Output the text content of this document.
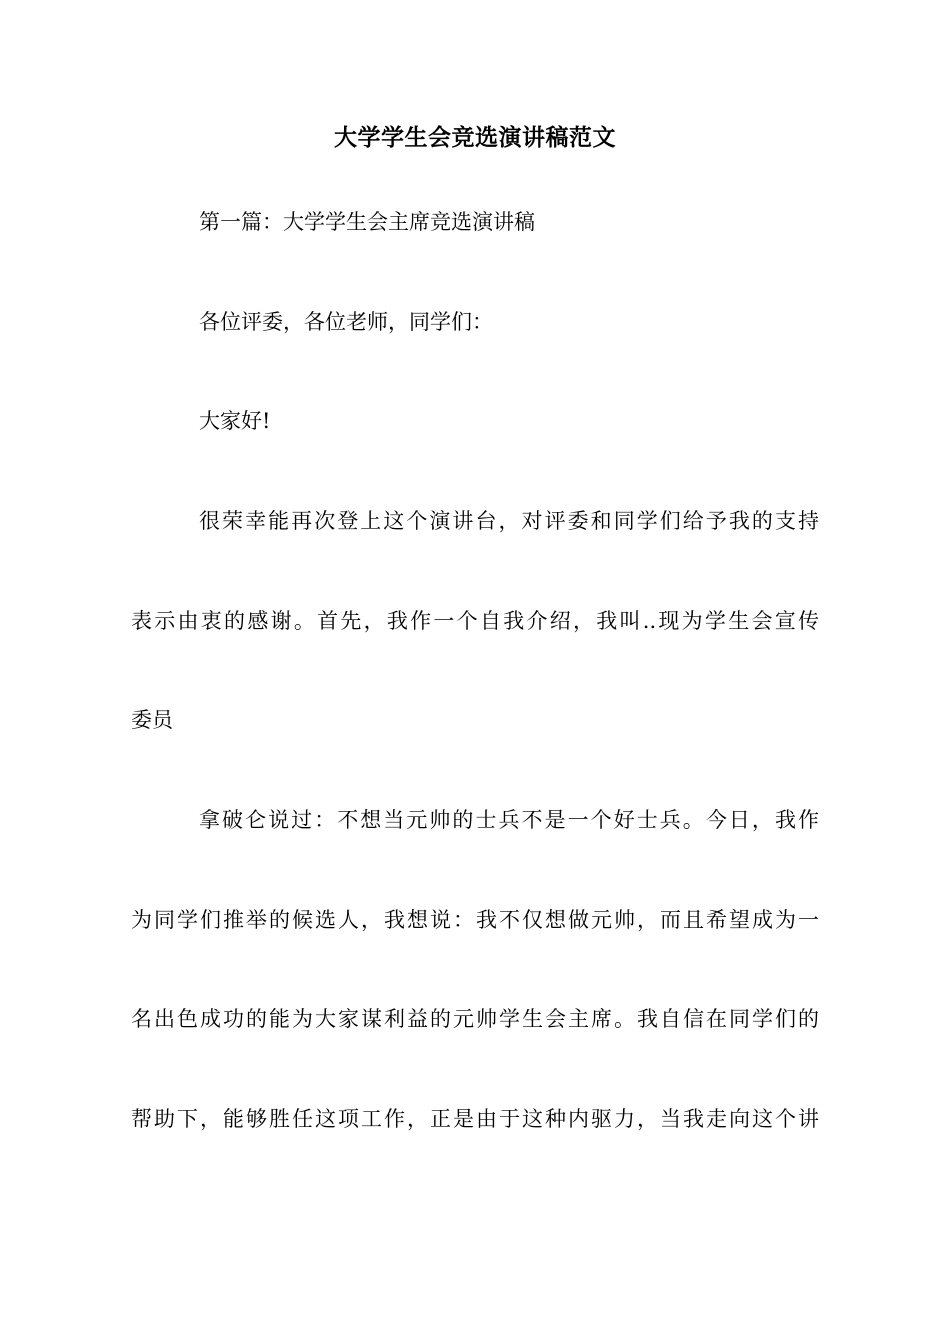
大学学生会竞选演讲稿范文
第一篇：大学学生会主席竞选演讲稿
各位评委，各位老师，同学们：
大家好!
很荣幸能再次登上这个演讲台，对评委和同学们给予我的支持
表示由衷的感谢。首先，我作一个自我介绍，我叫..现为学生会宣传
委员
拿破仑说过：不想当元帅的士兵不是一个好士兵。今日，我作
为同学们推举的候选人，我想说：我不仅想做元帅，而且希望成为一
名出色成功的能为大家谋利益的元帅学生会主席。我自信在同学们的
帮助下，能够胜任这项工作，正是由于这种内驱力，当我走向这个讲
